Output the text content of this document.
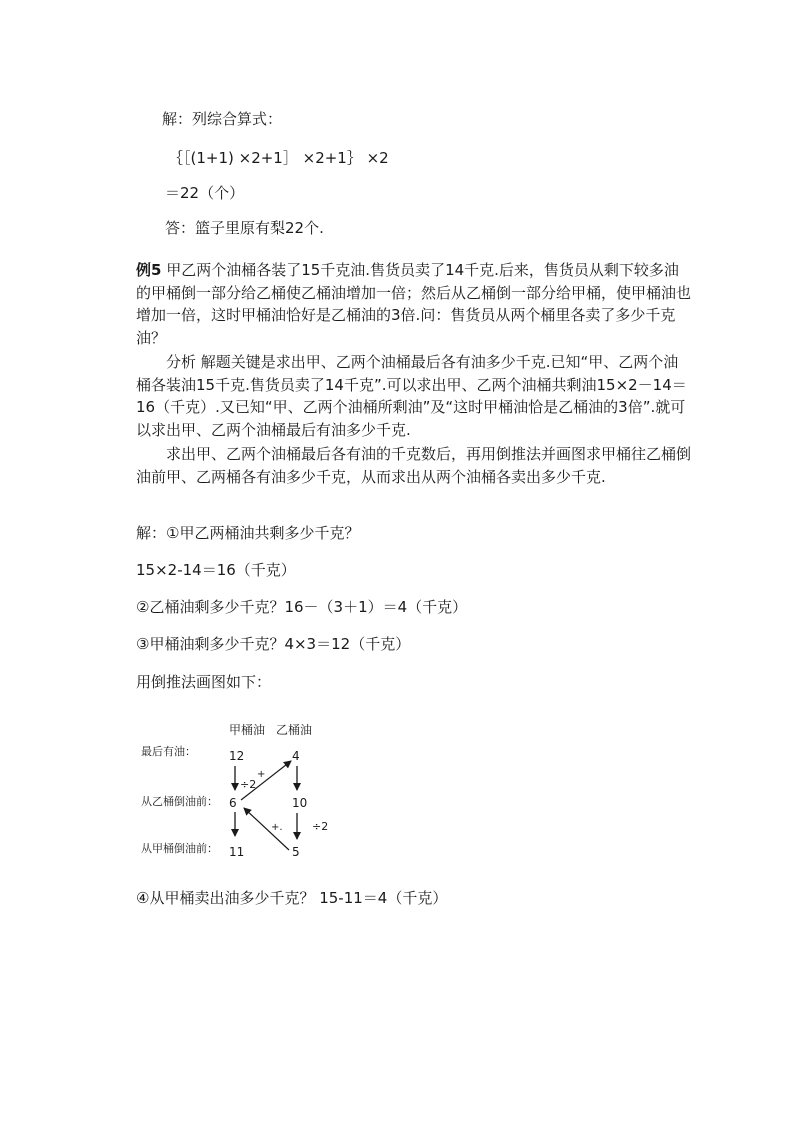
解：列综合算式：
｛［(1+1) ×2+1］ ×2+1｝ ×2
＝22（个）
答：篮子里原有梨22个.
例5 甲乙两个油桶各装了15千克油.售货员卖了14千克.后来，售货员从剩下较多油的甲桶倒一部分给乙桶使乙桶油增加一倍；然后从乙桶倒一部分给甲桶，使甲桶油也增加一倍，这时甲桶油恰好是乙桶油的3倍.问：售货员从两个桶里各卖了多少千克油？
分析 解题关键是求出甲、乙两个油桶最后各有油多少千克.已知“甲、乙两个油桶各装油15千克.售货员卖了14千克”.可以求出甲、乙两个油桶共剩油15×2－14＝16（千克）.又已知“甲、乙两个油桶所剩油”及“这时甲桶油恰是乙桶油的3倍”.就可以求出甲、乙两个油桶最后有油多少千克.
求出甲、乙两个油桶最后各有油的千克数后，再用倒推法并画图求甲桶往乙桶倒油前甲、乙两桶各有油多少千克，从而求出从两个油桶各卖出多少千克.
解：①甲乙两桶油共剩多少千克？
15×2-14＝16（千克）
②乙桶油剩多少千克？16－（3＋1）＝4（千克）
③甲桶油剩多少千克？4×3＝12（千克）
用倒推法画图如下：
甲桶油 乙桶油
最后有油：
从乙桶倒油前：
从甲桶倒油前：
12	4
6	10
11	5
÷2
+
+.	÷2
④从甲桶卖出油多少千克？ 15-11＝4（千克）
